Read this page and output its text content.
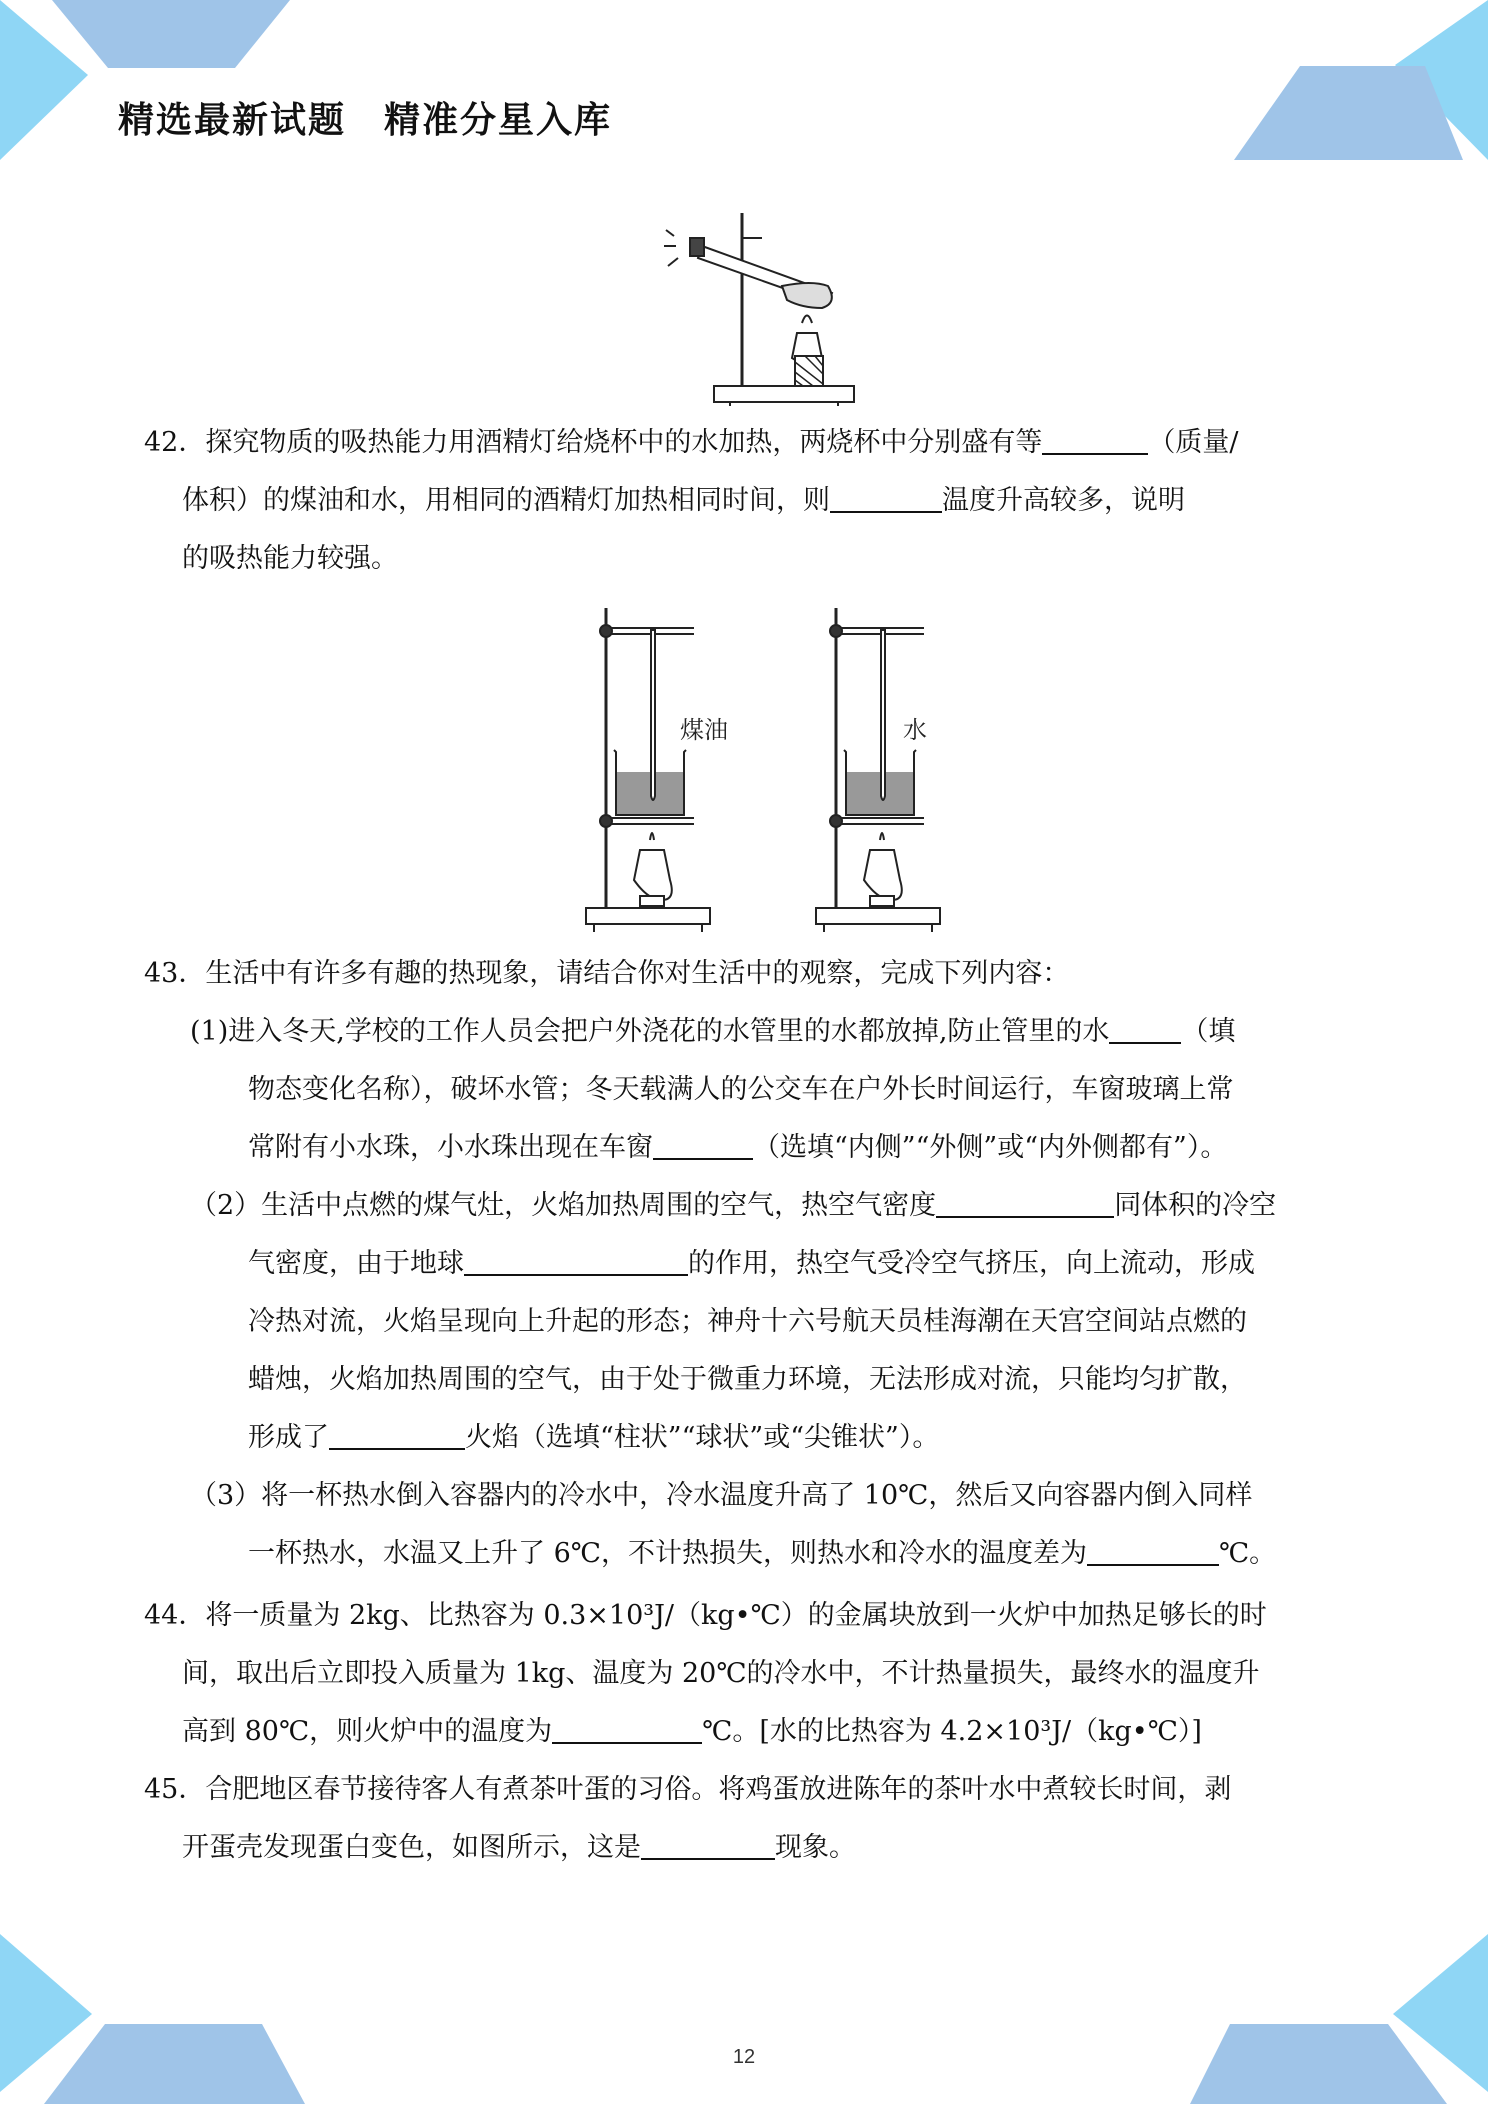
精选最新试题　精准分星入库

42．探究物质的吸热能力用酒精灯给烧杯中的水加热，两烧杯中分别盛有等	（质量/

体积）的煤油和水，用相同的酒精灯加热相同时间，则	温度升高较多，说明

的吸热能力较强。

煤油	水

43．生活中有许多有趣的热现象，请结合你对生活中的观察，完成下列内容：

(1)进入冬天,学校的工作人员会把户外浇花的水管里的水都放掉,防止管里的水	（填

物态变化名称），破坏水管；冬天载满人的公交车在户外长时间运行，车窗玻璃上常

常附有小水珠，小水珠出现在车窗	（选填“内侧”“外侧”或“内外侧都有”）。

（2）生活中点燃的煤气灶，火焰加热周围的空气，热空气密度	同体积的冷空

气密度，由于地球	的作用，热空气受冷空气挤压，向上流动，形成

冷热对流，火焰呈现向上升起的形态；神舟十六号航天员桂海潮在天宫空间站点燃的

蜡烛，火焰加热周围的空气，由于处于微重力环境，无法形成对流，只能均匀扩散，

形成了	火焰（选填“柱状”“球状”或“尖锥状”）。

（3）将一杯热水倒入容器内的冷水中，冷水温度升高了 10℃，然后又向容器内倒入同样

一杯热水，水温又上升了 6℃，不计热损失，则热水和冷水的温度差为	℃。

44．将一质量为 2kg、比热容为 0.3×10³J/（kg•℃）的金属块放到一火炉中加热足够长的时

间，取出后立即投入质量为 1kg、温度为 20℃的冷水中，不计热量损失，最终水的温度升

高到 80℃，则火炉中的温度为	℃。[水的比热容为 4.2×10³J/（kg•℃）]

45．合肥地区春节接待客人有煮茶叶蛋的习俗。将鸡蛋放进陈年的茶叶水中煮较长时间，剥

开蛋壳发现蛋白变色，如图所示，这是	现象。

12
